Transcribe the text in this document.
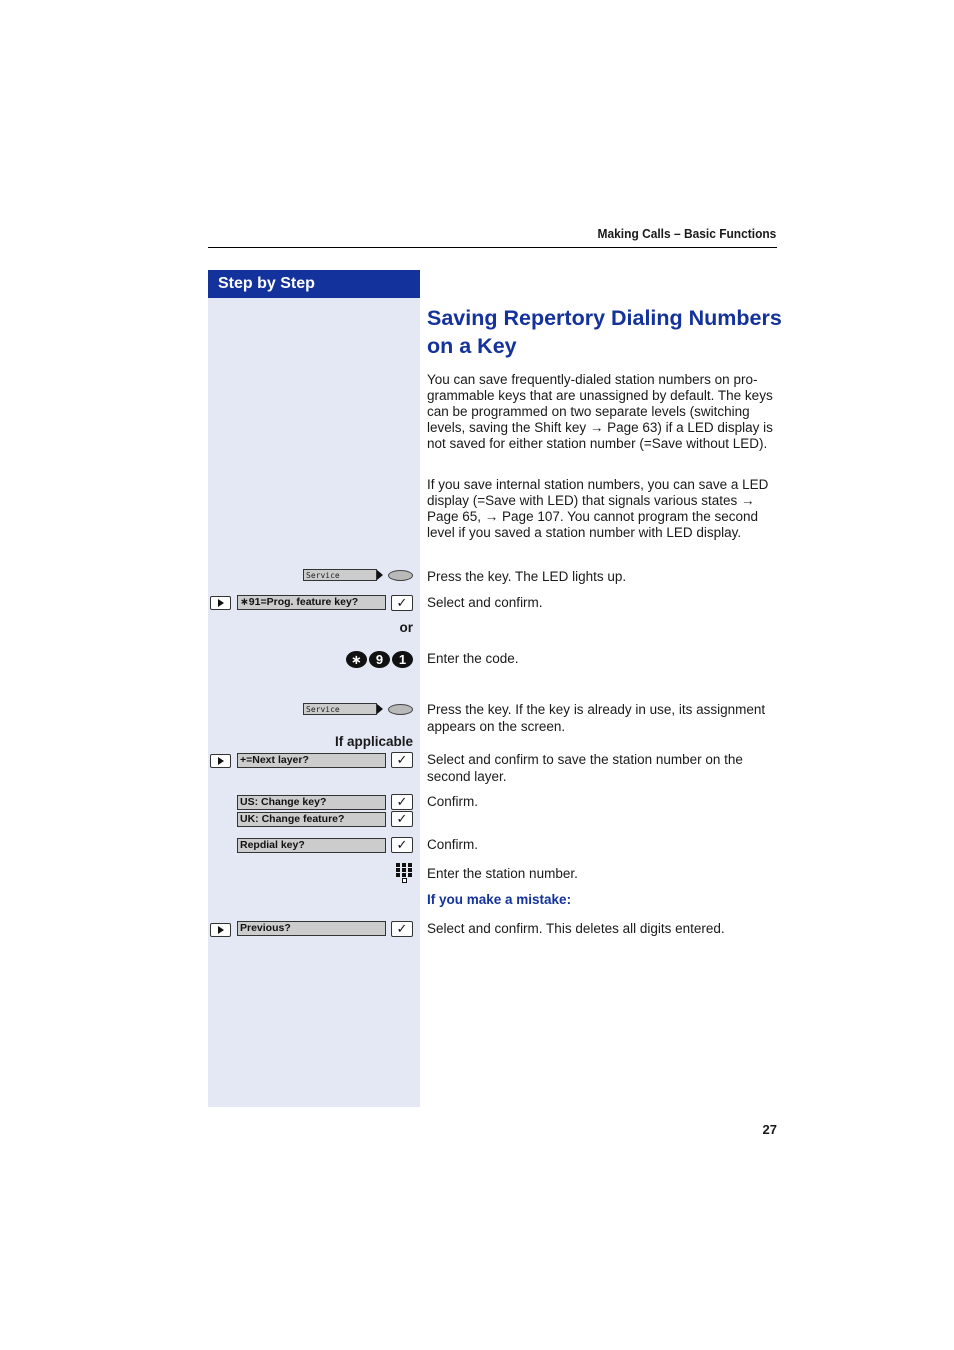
Making Calls – Basic Functions
Step by Step
Saving Repertory Dialing Numbers on a Key
You can save frequently-dialed station numbers on pro-grammable keys that are unassigned by default. The keys can be programmed on two separate levels (switching levels, saving the Shift key → Page 63) if a LED display is not saved for either station number (=Save without LED).
If you save internal station numbers, you can save a LED display (=Save with LED) that signals various states → Page 65, → Page 107. You cannot program the second level if you saved a station number with LED display.
Service	Press the key. The LED lights up.
∗91=Prog. feature key?	✓	Select and confirm.
or
∗	9	1	Enter the code.
Service	Press the key. If the key is already in use, its assignment appears on the screen.
If applicable
+=Next layer?	✓	Select and confirm to save the station number on the second layer.
US: Change key?	✓
UK: Change feature?	✓
Confirm.
Repdial key?	✓	Confirm.
Enter the station number.
If you make a mistake:
Previous?	✓	Select and confirm. This deletes all digits entered.
27
